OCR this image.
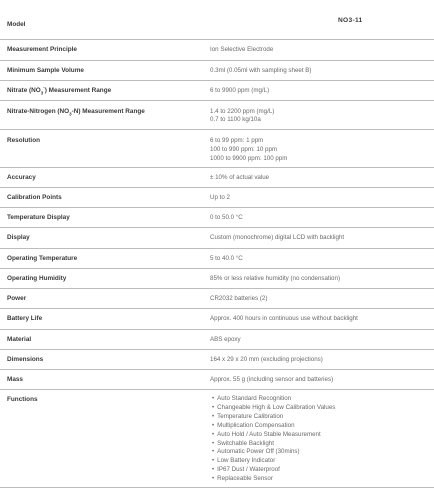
Model
NO3-11
Measurement Principle	Ion Selective Electrode
Minimum Sample Volume	0.3ml (0.05ml with sampling sheet B)
Nitrate $(NO_3^-)$ Measurement Range	6 to 9900 ppm (mg/L)
Nitrate-Nitrogen $(NO_3-N)$ Measurement Range	1.4 to 2200 ppm (mg/L)
0.7 to 1100 kg/10a
Resolution	6 to 99 ppm: 1 ppm
100 to 990 ppm: 10 ppm
1000 to 9900 ppm: 100 ppm
Accuracy	± 10% of actual value
Calibration Points	Up to 2
Temperature Display	0 to 50.0 °C
Display	Custom (monochrome) digital LCD with backlight
Operating Temperature	5 to 40.0 °C
Operating Humidity	85% or less relative humidity (no condensation)
Power	CR2032 batteries (2)
Battery Life	Approx. 400 hours in continuous use without backlight
Material	ABS epoxy
Dimensions	164 x 29 x 20 mm (excluding projections)
Mass	Approx. 55 g (including sensor and batteries)
Functions
•	Auto Standard Recognition
• Changeable High & Low Calibration Values
• Temperature Calibration
• Multiplication Compensation
• Auto Hold / Auto Stable Measurement
• Switchable Backlight
• Automatic Power Off (30mins)
• Low Battery Indicator
• IP67 Dust / Waterproof
• Replaceable Sensor
